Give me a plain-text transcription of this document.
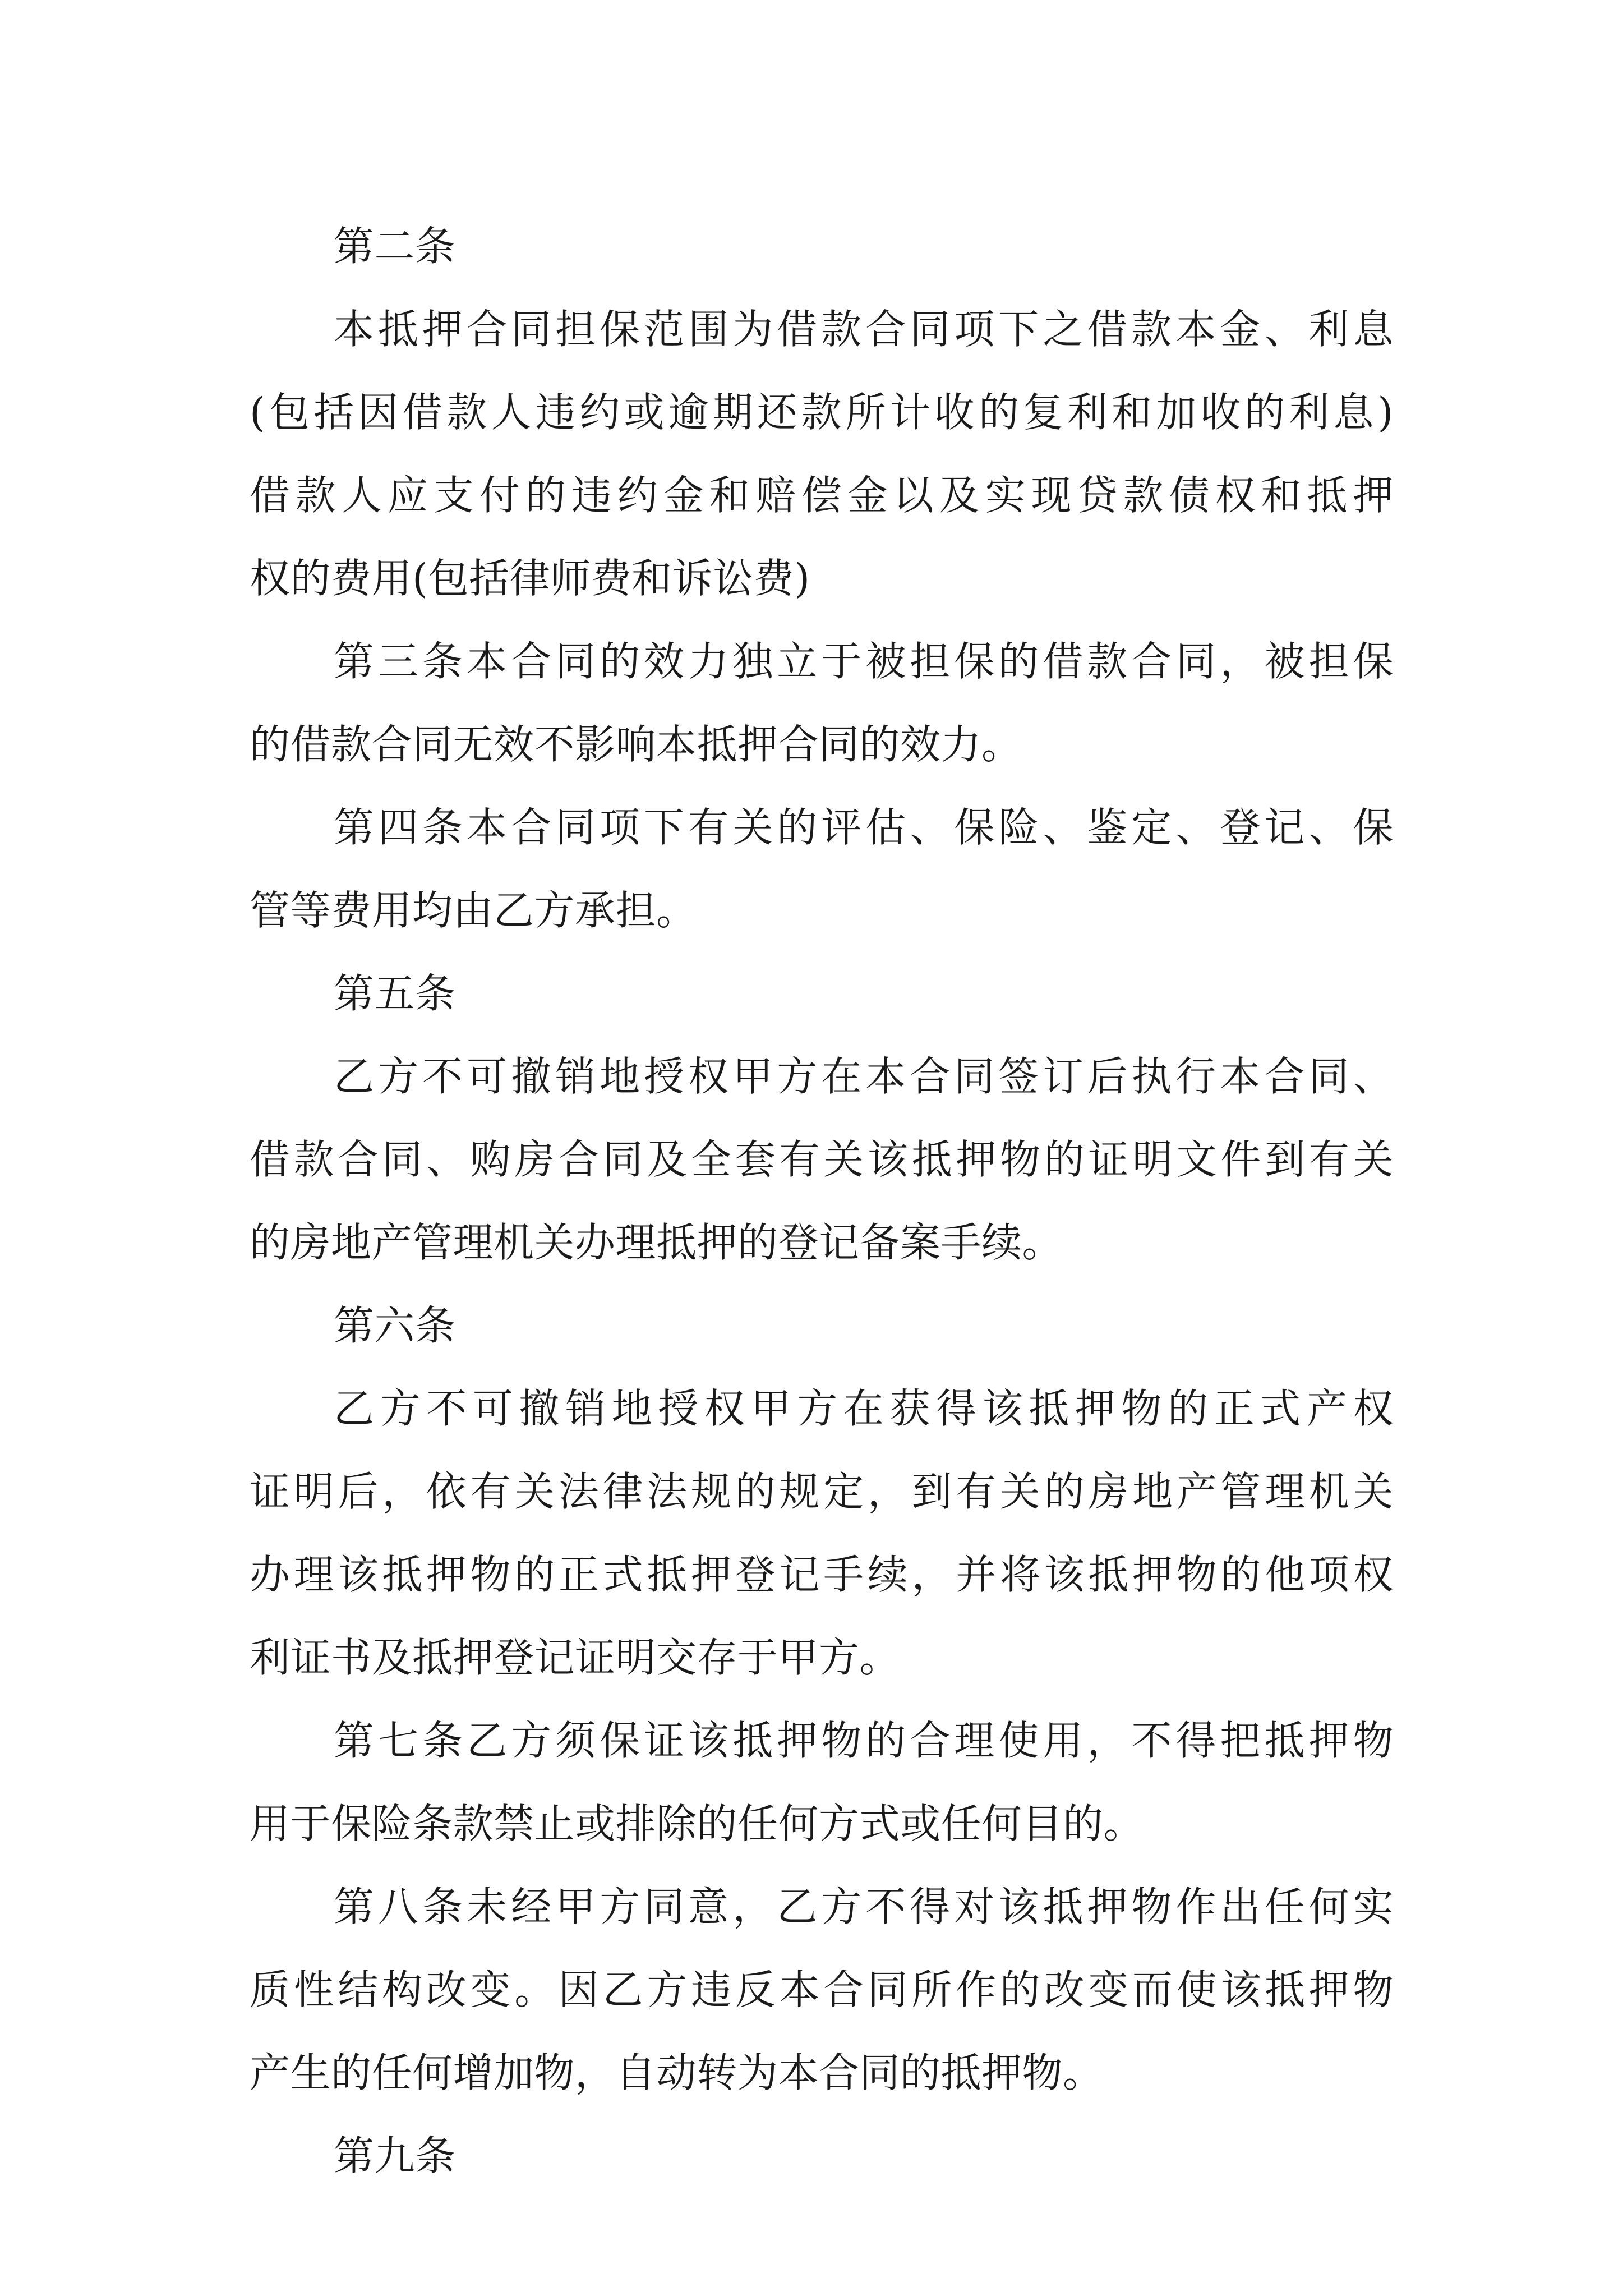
第二条
本抵押合同担保范围为借款合同项下之借款本金、利息
(包括因借款人违约或逾期还款所计收的复利和加收的利息)
借款人应支付的违约金和赔偿金以及实现贷款债权和抵押
权的费用(包括律师费和诉讼费)
第三条本合同的效力独立于被担保的借款合同，被担保
的借款合同无效不影响本抵押合同的效力。
第四条本合同项下有关的评估、保险、鉴定、登记、保
管等费用均由乙方承担。
第五条
乙方不可撤销地授权甲方在本合同签订后执行本合同、
借款合同、购房合同及全套有关该抵押物的证明文件到有关
的房地产管理机关办理抵押的登记备案手续。
第六条
乙方不可撤销地授权甲方在获得该抵押物的正式产权
证明后，依有关法律法规的规定，到有关的房地产管理机关
办理该抵押物的正式抵押登记手续，并将该抵押物的他项权
利证书及抵押登记证明交存于甲方。
第七条乙方须保证该抵押物的合理使用，不得把抵押物
用于保险条款禁止或排除的任何方式或任何目的。
第八条未经甲方同意，乙方不得对该抵押物作出任何实
质性结构改变。因乙方违反本合同所作的改变而使该抵押物
产生的任何增加物，自动转为本合同的抵押物。
第九条
